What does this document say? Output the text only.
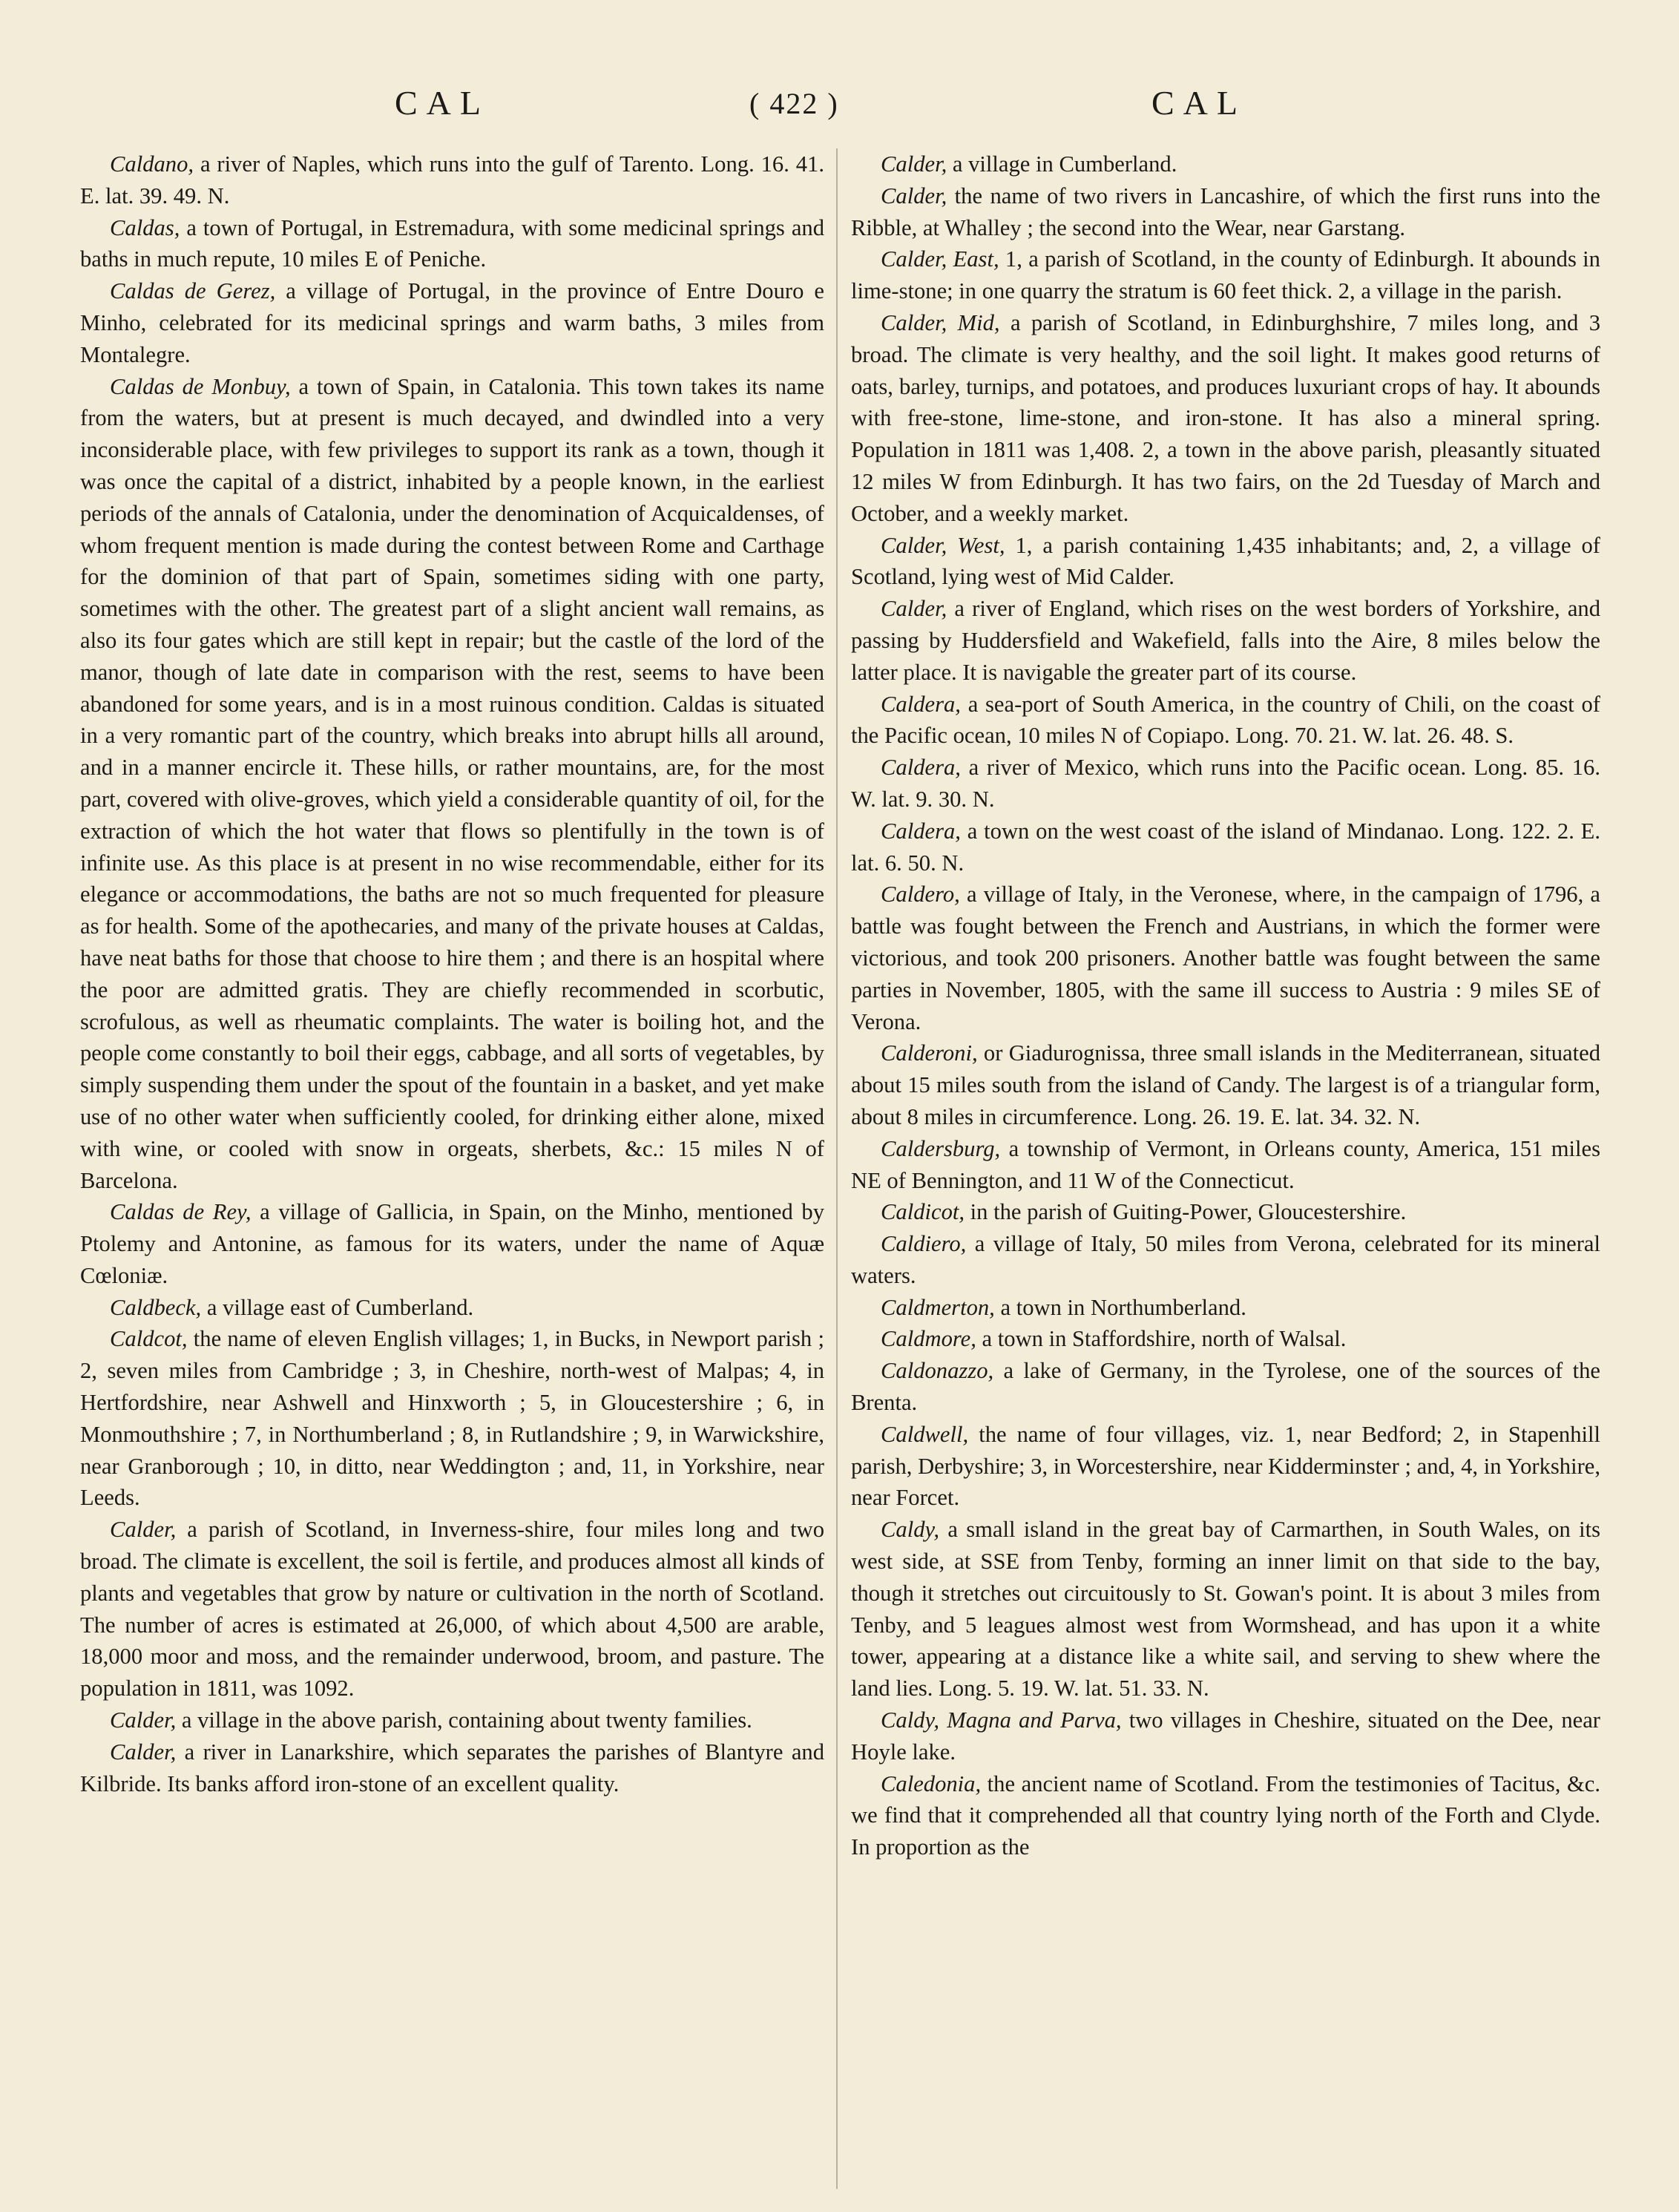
CAL	( 422 )	CAL

Caldano, a river of Naples, which runs into the gulf of Tarento. Long. 16. 41. E. lat. 39. 49. N.

Caldas, a town of Portugal, in Estremadura, with some medicinal springs and baths in much repute, 10 miles E of Peniche.

Caldas de Gerez, a village of Portugal, in the province of Entre Douro e Minho, celebrated for its medicinal springs and warm baths, 3 miles from Montalegre.

Caldas de Monbuy, a town of Spain, in Catalonia. This town takes its name from the waters, but at present is much decayed, and dwindled into a very inconsiderable place, with few privileges to support its rank as a town, though it was once the capital of a district, inhabited by a people known, in the earliest periods of the annals of Catalonia, under the denomination of Acquicaldenses, of whom frequent mention is made during the contest between Rome and Carthage for the dominion of that part of Spain, sometimes siding with one party, sometimes with the other. The greatest part of a slight ancient wall remains, as also its four gates which are still kept in repair; but the castle of the lord of the manor, though of late date in comparison with the rest, seems to have been abandoned for some years, and is in a most ruinous condition. Caldas is situated in a very romantic part of the country, which breaks into abrupt hills all around, and in a manner encircle it. These hills, or rather mountains, are, for the most part, covered with olive-groves, which yield a considerable quantity of oil, for the extraction of which the hot water that flows so plentifully in the town is of infinite use. As this place is at present in no wise recommendable, either for its elegance or accommodations, the baths are not so much frequented for pleasure as for health. Some of the apothecaries, and many of the private houses at Caldas, have neat baths for those that choose to hire them ; and there is an hospital where the poor are admitted gratis. They are chiefly recommended in scorbutic, scrofulous, as well as rheumatic complaints. The water is boiling hot, and the people come constantly to boil their eggs, cabbage, and all sorts of vegetables, by simply suspending them under the spout of the fountain in a basket, and yet make use of no other water when sufficiently cooled, for drinking either alone, mixed with wine, or cooled with snow in orgeats, sherbets, &c.: 15 miles N of Barcelona.

Caldas de Rey, a village of Gallicia, in Spain, on the Minho, mentioned by Ptolemy and Antonine, as famous for its waters, under the name of Aquæ Cœloniæ.

Caldbeck, a village east of Cumberland.

Caldcot, the name of eleven English villages; 1, in Bucks, in Newport parish ; 2, seven miles from Cambridge ; 3, in Cheshire, north-west of Malpas; 4, in Hertfordshire, near Ashwell and Hinxworth ; 5, in Gloucestershire ; 6, in Monmouthshire ; 7, in Northumberland ; 8, in Rutlandshire ; 9, in Warwickshire, near Granborough ; 10, in ditto, near Weddington ; and, 11, in Yorkshire, near Leeds.

Calder, a parish of Scotland, in Inverness-shire, four miles long and two broad. The climate is excellent, the soil is fertile, and produces almost all kinds of plants and vegetables that grow by nature or cultivation in the north of Scotland. The number of acres is estimated at 26,000, of which about 4,500 are arable, 18,000 moor and moss, and the remainder underwood, broom, and pasture. The population in 1811, was 1092.

Calder, a village in the above parish, containing about twenty families.

Calder, a river in Lanarkshire, which separates the parishes of Blantyre and Kilbride. Its banks afford iron-stone of an excellent quality.

Calder, a village in Cumberland.

Calder, the name of two rivers in Lancashire, of which the first runs into the Ribble, at Whalley ; the second into the Wear, near Garstang.

Calder, East, 1, a parish of Scotland, in the county of Edinburgh. It abounds in lime-stone; in one quarry the stratum is 60 feet thick. 2, a village in the parish.

Calder, Mid, a parish of Scotland, in Edinburghshire, 7 miles long, and 3 broad. The climate is very healthy, and the soil light. It makes good returns of oats, barley, turnips, and potatoes, and produces luxuriant crops of hay. It abounds with free-stone, lime-stone, and iron-stone. It has also a mineral spring. Population in 1811 was 1,408. 2, a town in the above parish, pleasantly situated 12 miles W from Edinburgh. It has two fairs, on the 2d Tuesday of March and October, and a weekly market.

Calder, West, 1, a parish containing 1,435 inhabitants; and, 2, a village of Scotland, lying west of Mid Calder.

Calder, a river of England, which rises on the west borders of Yorkshire, and passing by Huddersfield and Wakefield, falls into the Aire, 8 miles below the latter place. It is navigable the greater part of its course.

Caldera, a sea-port of South America, in the country of Chili, on the coast of the Pacific ocean, 10 miles N of Copiapo. Long. 70. 21. W. lat. 26. 48. S.

Caldera, a river of Mexico, which runs into the Pacific ocean. Long. 85. 16. W. lat. 9. 30. N.

Caldera, a town on the west coast of the island of Mindanao. Long. 122. 2. E. lat. 6. 50. N.

Caldero, a village of Italy, in the Veronese, where, in the campaign of 1796, a battle was fought between the French and Austrians, in which the former were victorious, and took 200 prisoners. Another battle was fought between the same parties in November, 1805, with the same ill success to Austria : 9 miles SE of Verona.

Calderoni, or Giadurognissa, three small islands in the Mediterranean, situated about 15 miles south from the island of Candy. The largest is of a triangular form, about 8 miles in circumference. Long. 26. 19. E. lat. 34. 32. N.

Caldersburg, a township of Vermont, in Orleans county, America, 151 miles NE of Bennington, and 11 W of the Connecticut.

Caldicot, in the parish of Guiting-Power, Gloucestershire.

Caldiero, a village of Italy, 50 miles from Verona, celebrated for its mineral waters.

Caldmerton, a town in Northumberland.

Caldmore, a town in Staffordshire, north of Walsal.

Caldonazzo, a lake of Germany, in the Tyrolese, one of the sources of the Brenta.

Caldwell, the name of four villages, viz. 1, near Bedford; 2, in Stapenhill parish, Derbyshire; 3, in Worcestershire, near Kidderminster ; and, 4, in Yorkshire, near Forcet.

Caldy, a small island in the great bay of Carmarthen, in South Wales, on its west side, at SSE from Tenby, forming an inner limit on that side to the bay, though it stretches out circuitously to St. Gowan's point. It is about 3 miles from Tenby, and 5 leagues almost west from Wormshead, and has upon it a white tower, appearing at a distance like a white sail, and serving to shew where the land lies. Long. 5. 19. W. lat. 51. 33. N.

Caldy, Magna and Parva, two villages in Cheshire, situated on the Dee, near Hoyle lake.

Caledonia, the ancient name of Scotland. From the testimonies of Tacitus, &c. we find that it comprehended all that country lying north of the Forth and Clyde. In proportion as the
